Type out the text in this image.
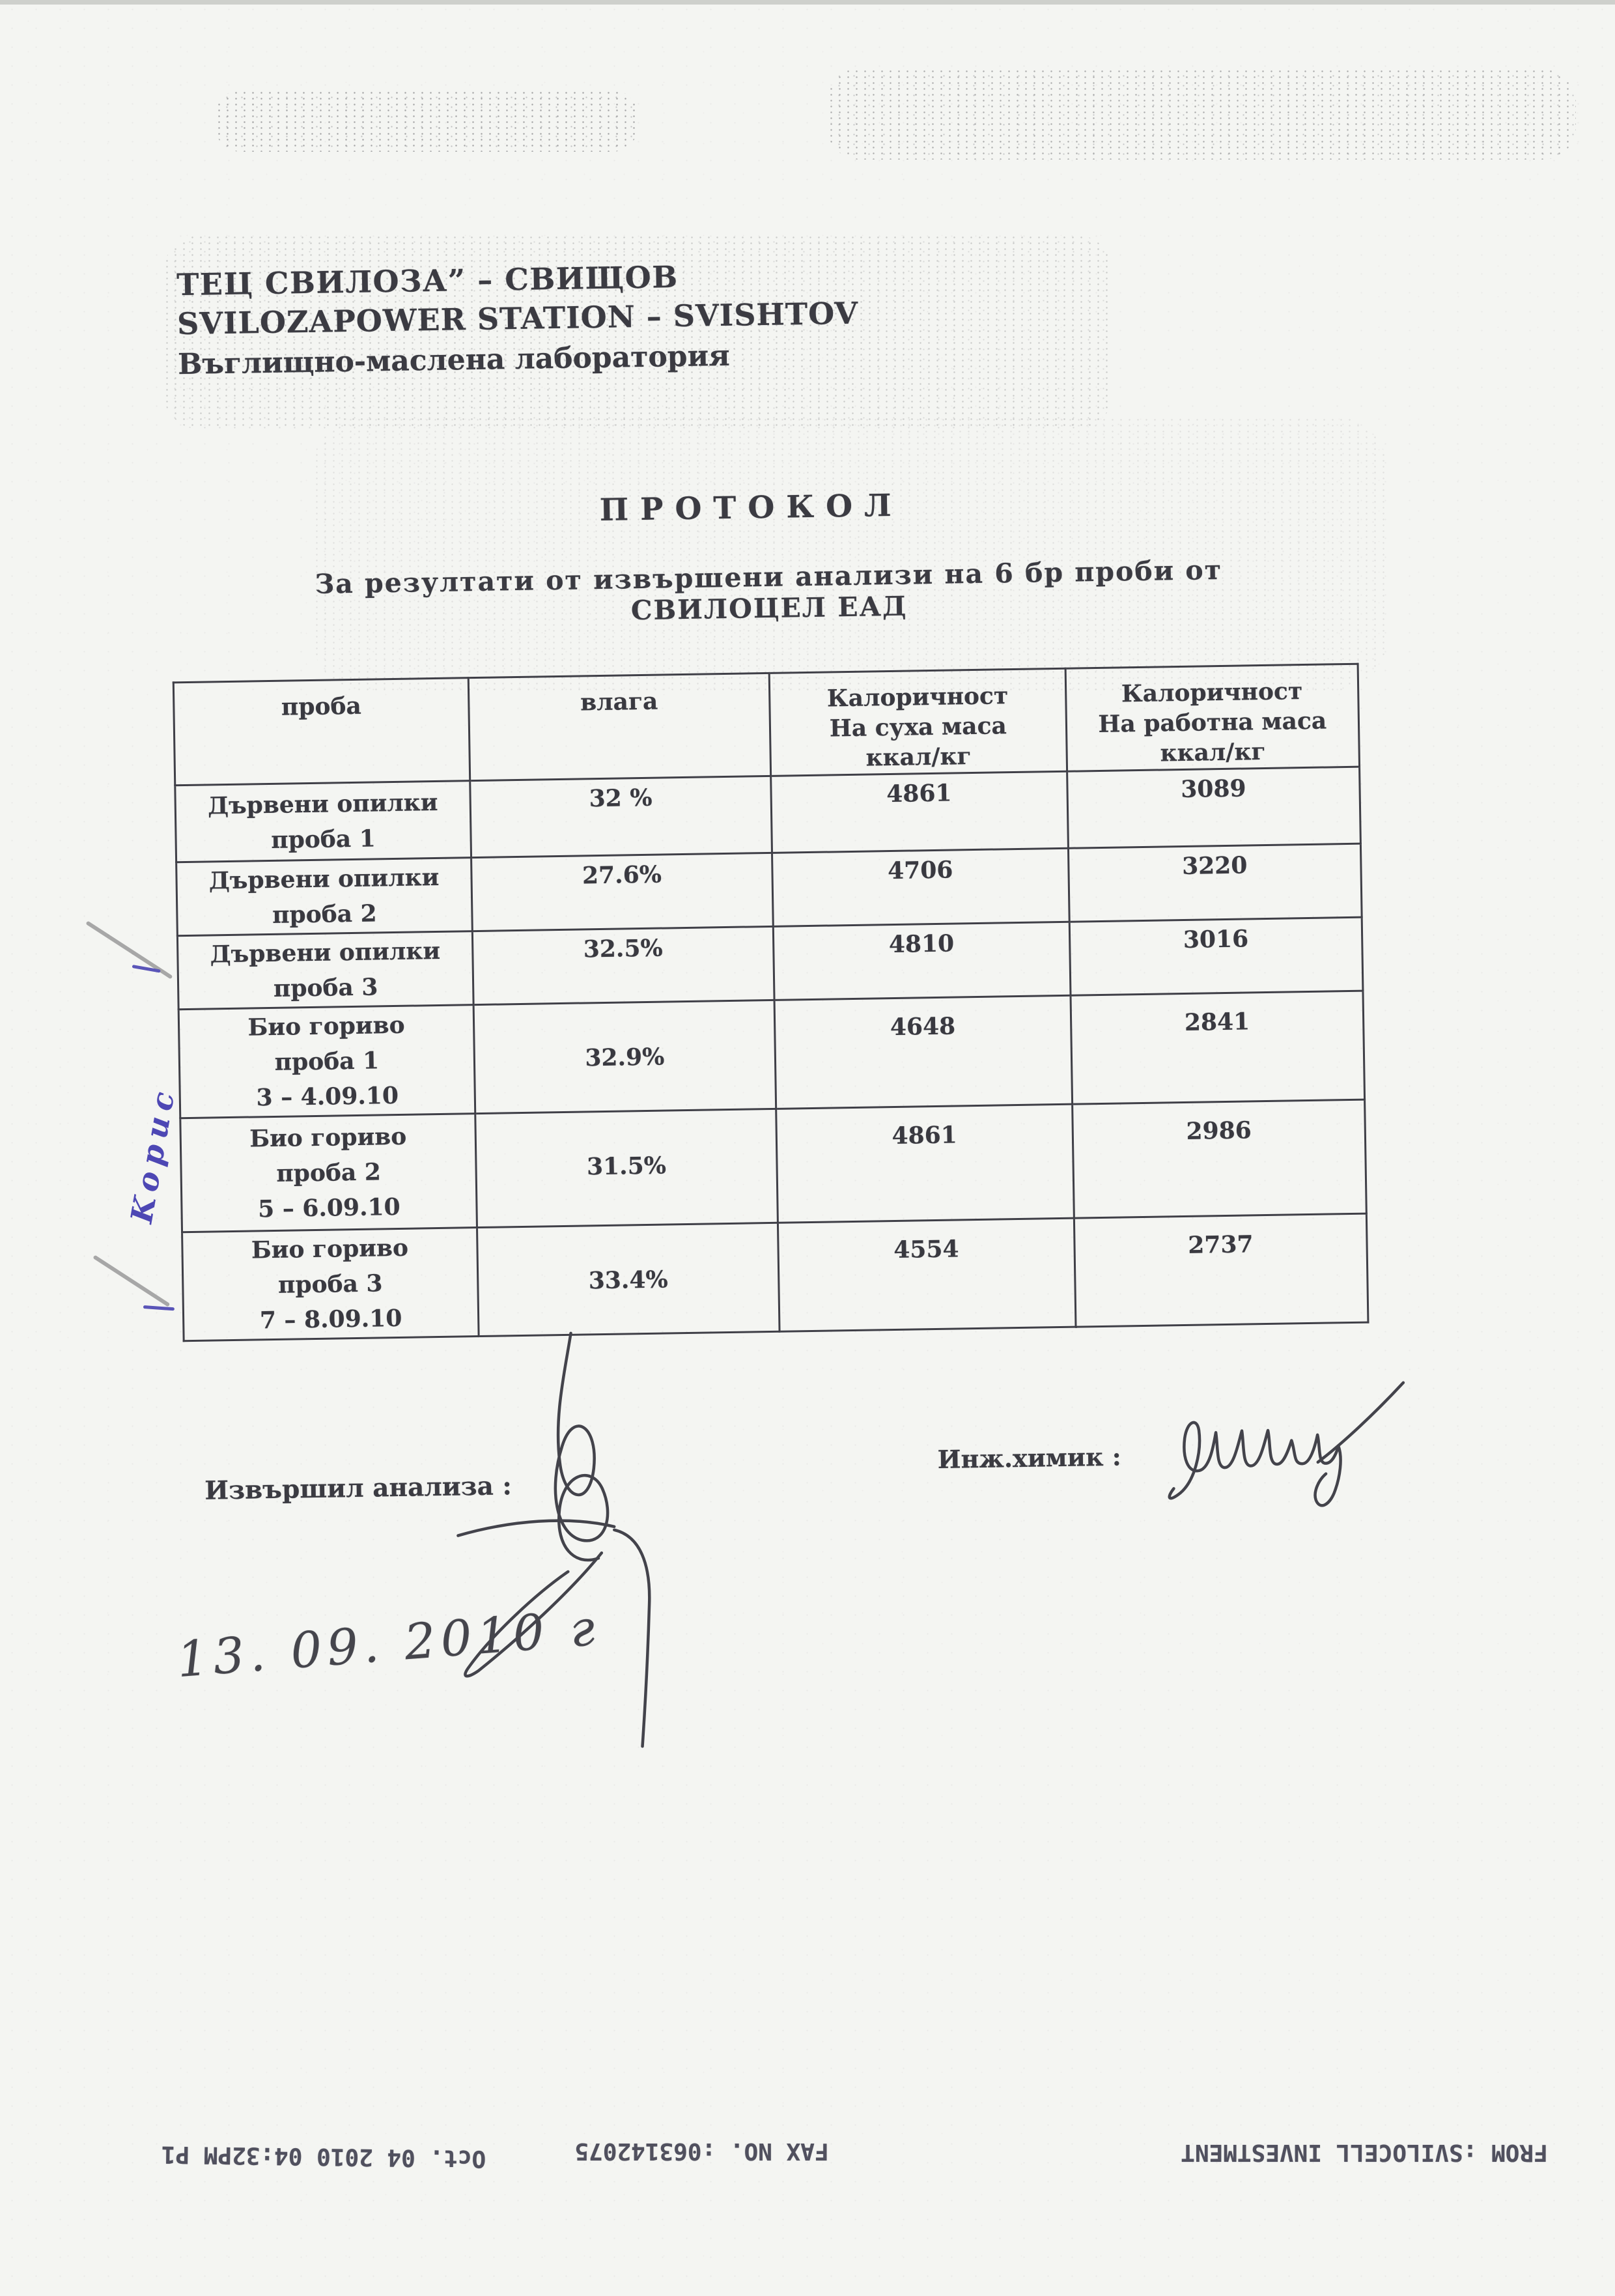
ТЕЦ СВИЛОЗА” – СВИЩОВ
SVILOZAPOWER STATION – SVISHTOV
Въглищно-маслена лаборатория
ПРОТОКОЛ
За резултати от извършени анализи на 6 бр проби от СВИЛОЦЕЛ ЕАД
проба	влага	Калоричност
На суха маса
ккал/кг	Калоричност
На работна маса
ккал/кг
Дървени опилки
проба 1	32 %	4861	3089
Дървени опилки
проба 2	27.6%	4706	3220
Дървени опилки
проба 3	32.5%	4810	3016
Био гориво
проба 1
3 – 4.09.10	32.9%	4648	2841
Био гориво
проба 2
5 – 6.09.10	31.5%	4861	2986
Био гориво
проба 3
7 – 8.09.10	33.4%	4554	2737
Извършил анализа :
Инж.химик :
13. 09. 2010 г
Kopuc
FROM :SVILOCELL INVESTMENT
FAX NO. :063142075
Oct. 04 2010 04:32PM P1
